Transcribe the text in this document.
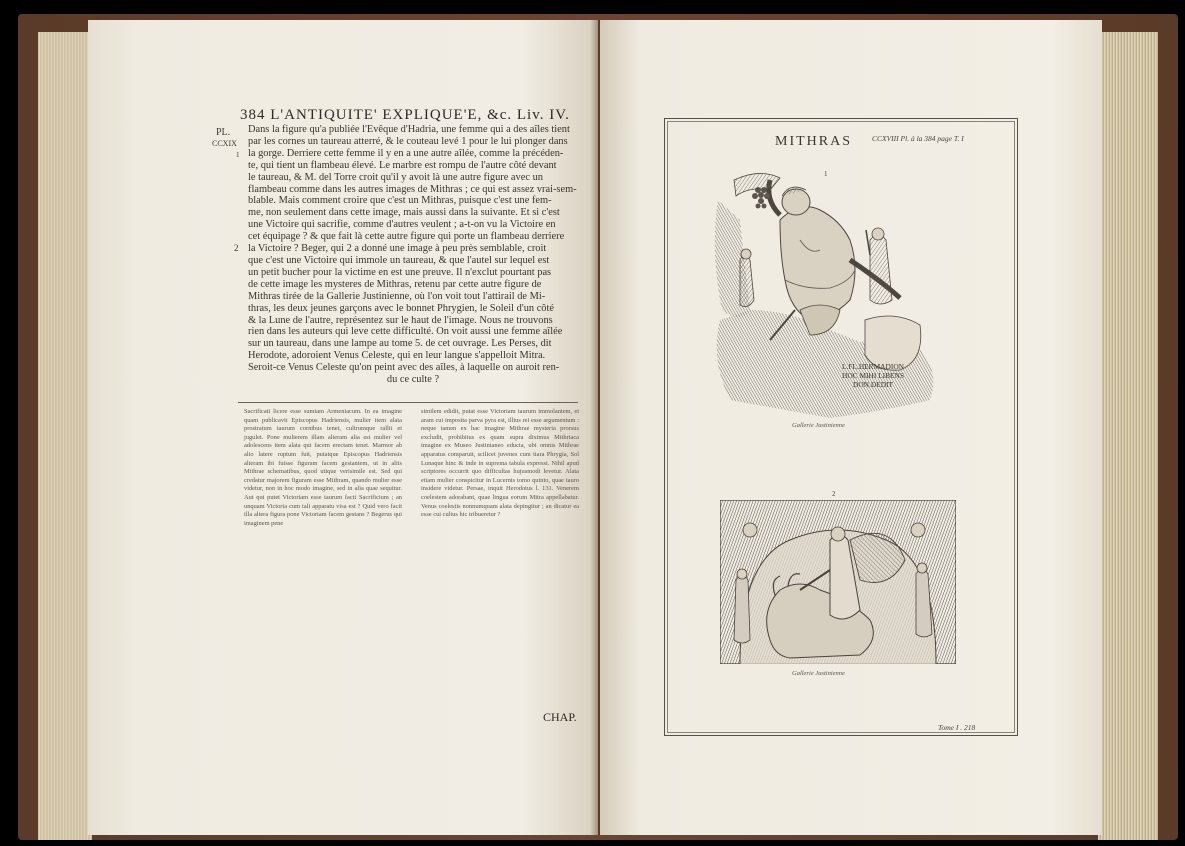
384 L'ANTIQUITE' EXPLIQUE'E, &c. Liv. IV.
PL.
CCXIX
1
2

Dans la figure qu'a publiée l'Evêque d'Hadria, une femme qui a des aîles tient

par les cornes un taureau atterré, & le couteau levé 1 pour le lui plonger dans

la gorge. Derriere cette femme il y en a une autre aîlée, comme la précéden-

te, qui tient un flambeau élevé. Le marbre est rompu de l'autre côté devant

le taureau, & M. del Torre croit qu'il y avoit là une autre figure avec un

flambeau comme dans les autres images de Mithras ; ce qui est assez vrai-sem-

blable. Mais comment croire que c'est un Mithras, puisque c'est une fem-

me, non seulement dans cette image, mais aussi dans la suivante. Et si c'est

une Victoire qui sacrifie, comme d'autres veulent ; a-t-on vu la Victoire en

cet équipage ? & que fait là cette autre figure qui porte un flambeau derriere

la Victoire ? Beger, qui 2 a donné une image à peu près semblable, croit

que c'est une Victoire qui immole un taureau, & que l'autel sur lequel est

un petit bucher pour la victime en est une preuve. Il n'exclut pourtant pas

de cette image les mysteres de Mithras, retenu par cette autre figure de

Mithras tirée de la Gallerie Justinienne, où l'on voit tout l'attirail de Mi-

thras, les deux jeunes garçons avec le bonnet Phrygien, le Soleil d'un côté

& la Lune de l'autre, représentez sur le haut de l'image. Nous ne trouvons

rien dans les auteurs qui leve cette difficulté. On voit aussi une femme aîlée

sur un taureau, dans une lampe au tome 5. de cet ouvrage. Les Perses, dit

Herodote, adoroient Venus Celeste, qui en leur langue s'appelloit Mitra.

Seroit-ce Venus Celeste qu'on peint avec des aîles, à laquelle on auroit ren-

du ce culte ?

Sacrificati licere esse sumtam Armeniacum. In ea imagine quam publicavit Episcopus Hadriensis, mulier item alata prostratum taurum cornibus tenet, cultrumque rallit et jugulet. Pone mulierem illam alteram alia est mulier vel adolescens item alata qui facem erectam tenet. Marmor ab alio latere ruptum fuit, putatque Episcopus Hadriensis alteram ibi fuisse figuram facem gestantem, ut in aliis Mithrae schematibus, quod utique verisimile est. Sed qui credatur majorem figuram esse Mithram, quando mulier esse videtur, non in hoc modo imagine, sed in alia quae sequitur. Aut qui putet Victoriam esse taurum facit Sacrificium ; an unquam Victoria cum tali apparatu visa est ? Quid vero facit illa altera figura pone Victoriam facem gestans ? Begerus qui imaginem pene
similem edidit, putat esse Victoriam taurum immolantem, et aram cui imposita parva pyra est, illius rei esse argumentum : neque tamen ex hac imagine Mithrae mysteria prorsus excludit, prohibitus ex quam supra diximus Mithriaca imagine ex Museo Justinianeo educta, ubi omnis Mithrae apparatus comparuit, scilicet juvenes cum tiara Phrygia, Sol Lunaque hinc & inde in suprema tabula expressi. Nihil apud scriptores occurrit quo difficultas hujusmodi levetur. Alata etiam mulier conspicitur in Lucernis tomo quinto, quae tauro insidere videtur. Persae, inquit Herodotus l. 131. Venerem coelestem adorabant, quae lingua eorum Mitra appellabatur. Venus coelestis nonnumquam alata depingitur ; an dicatur ea esse cui cultus hic tribueretur ?
CHAP.
MITHRAS	CCXVIII Pl. à la 384 page T. I
1
L.FL.HERMADION
HOC MIHI LIBENS
DON.DEDIT
Gallerie Justinienne
2
Gallerie Justinienne
Tome I . 218
